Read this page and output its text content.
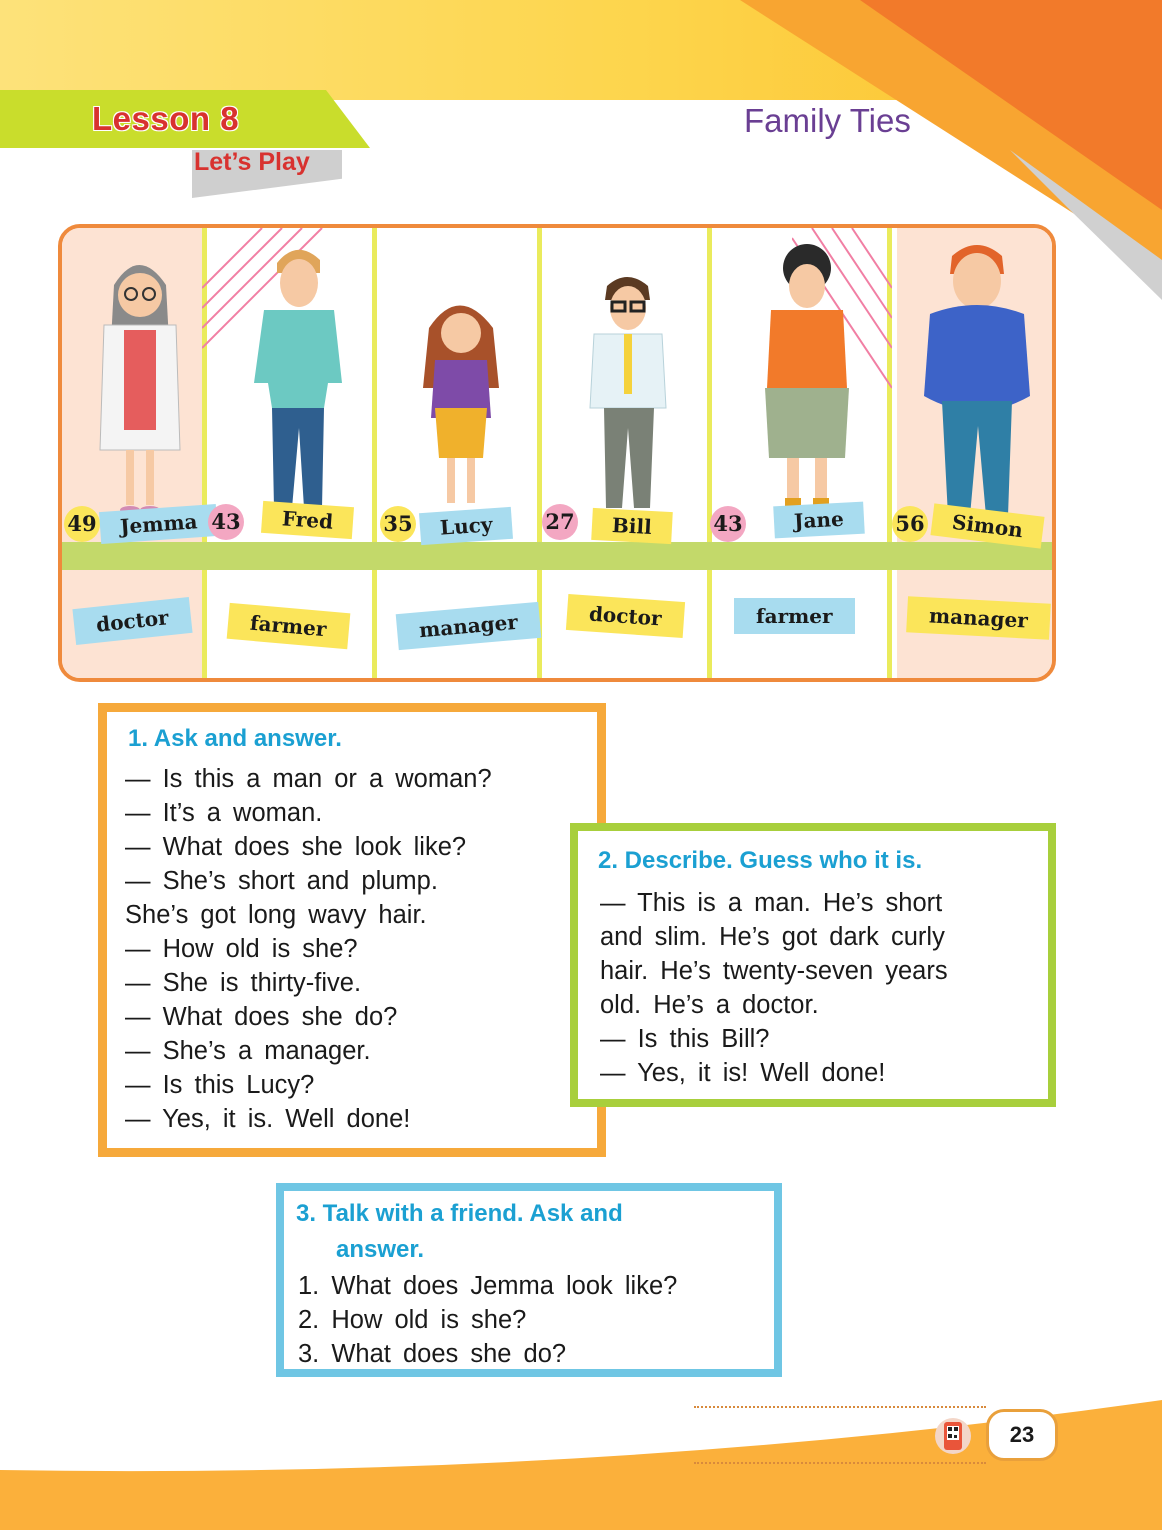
Lesson 8
Let’s Play
Family Ties
49	Jemma 43	Fred	35	Lucy	27	Bill	43	Jane	56	Simon
doctor	farmer	manager	doctor	farmer	manager
1. Ask and answer.
— Is this a man or a woman?
— It’s a woman.
— What does she look like?
— She’s short and plump.
She’s got long wavy hair.
— How old is she?
— She is thirty-five.
— What does she do?
— She’s a manager.
— Is this Lucy?
— Yes, it is. Well done!
2. Describe. Guess who it is.
— This is a man. He’s short
and slim. He’s got dark curly
hair. He’s twenty-seven years
old. He’s a doctor.
— Is this Bill?
— Yes, it is! Well done!
3. Talk with a friend. Ask and
answer.
1. What does Jemma look like?
2. How old is she?
3. What does she do?
23
